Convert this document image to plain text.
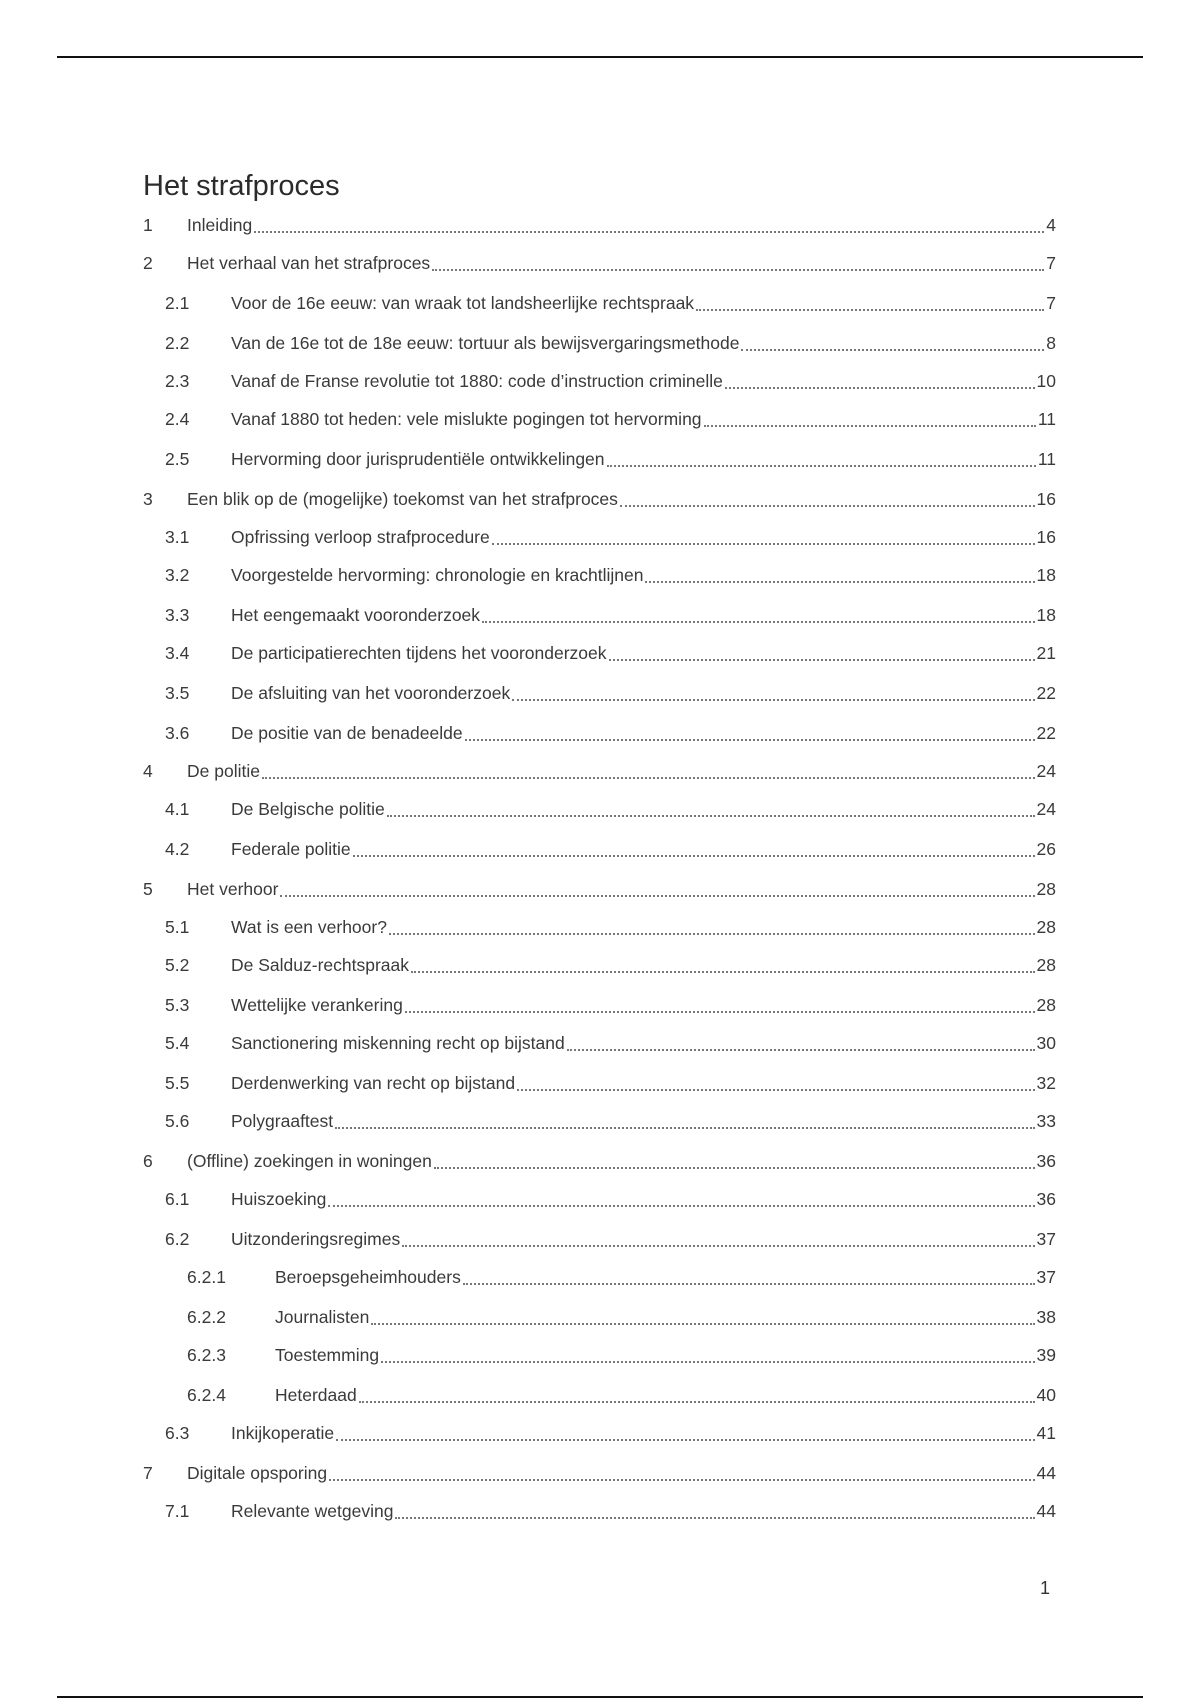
Het strafproces
1	Inleiding	4
2	Het verhaal van het strafproces	7
2.1	Voor de 16e eeuw: van wraak tot landsheerlijke rechtspraak	7
2.2	Van de 16e tot de 18e eeuw: tortuur als bewijsvergaringsmethode	8
2.3	Vanaf de Franse revolutie tot 1880: code d’instruction criminelle	10
2.4	Vanaf 1880 tot heden: vele mislukte pogingen tot hervorming	11
2.5	Hervorming door jurisprudentiële ontwikkelingen	11
3	Een blik op de (mogelijke) toekomst van het strafproces	16
3.1	Opfrissing verloop strafprocedure	16
3.2	Voorgestelde hervorming: chronologie en krachtlijnen	18
3.3	Het eengemaakt vooronderzoek	18
3.4	De participatierechten tijdens het vooronderzoek	21
3.5	De afsluiting van het vooronderzoek	22
3.6	De positie van de benadeelde	22
4	De politie	24
4.1	De Belgische politie	24
4.2	Federale politie	26
5	Het verhoor	28
5.1	Wat is een verhoor?	28
5.2	De Salduz-rechtspraak	28
5.3	Wettelijke verankering	28
5.4	Sanctionering miskenning recht op bijstand	30
5.5	Derdenwerking van recht op bijstand	32
5.6	Polygraaftest	33
6	(Offline) zoekingen in woningen	36
6.1	Huiszoeking	36
6.2	Uitzonderingsregimes	37
6.2.1	Beroepsgeheimhouders	37
6.2.2	Journalisten	38
6.2.3	Toestemming	39
6.2.4	Heterdaad	40
6.3	Inkijkoperatie	41
7	Digitale opsporing	44
7.1	Relevante wetgeving	44
1
